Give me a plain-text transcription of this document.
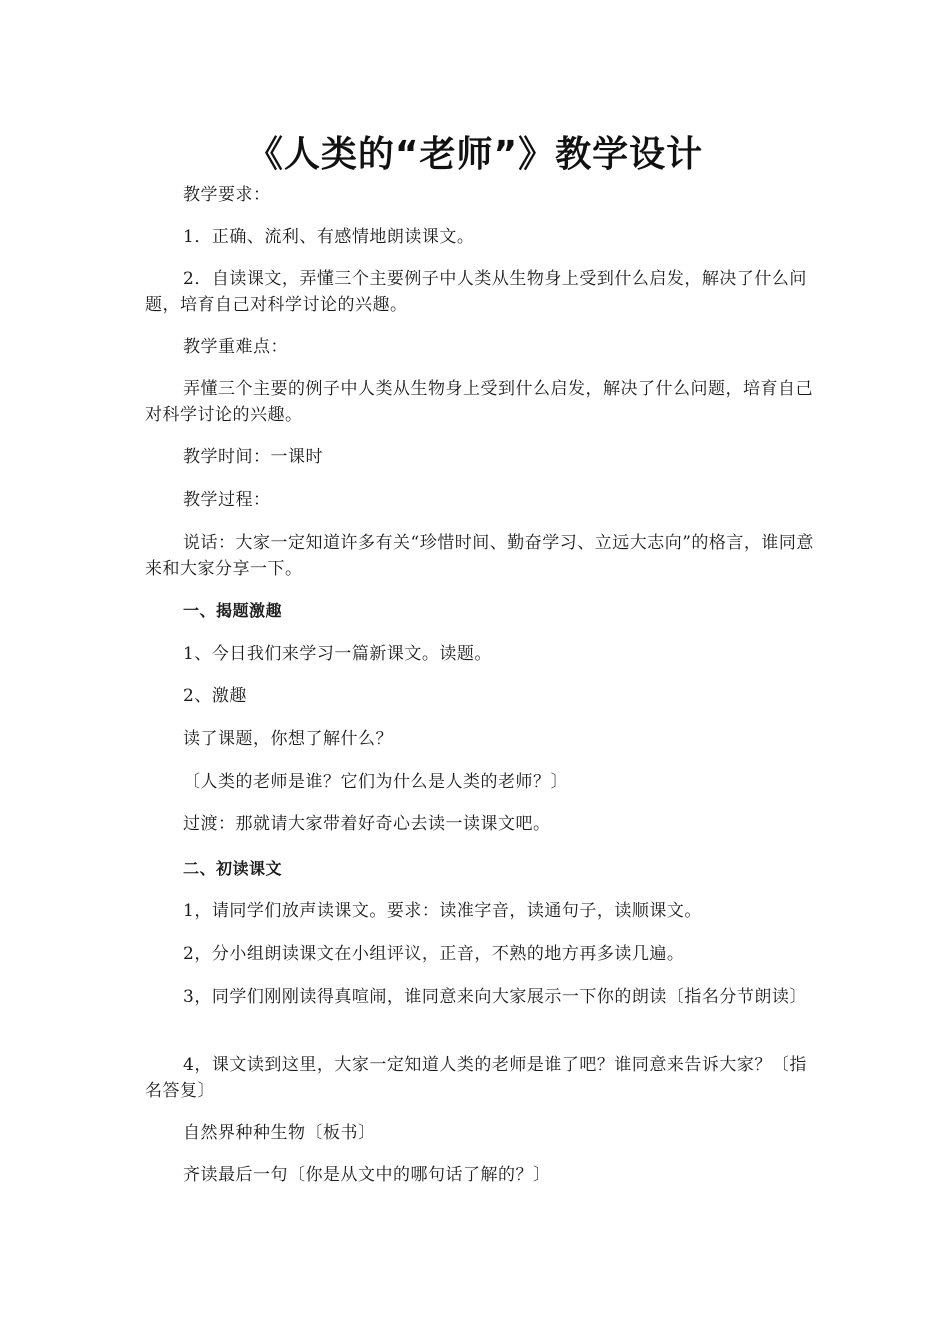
《人类的“老师”》教学设计

教学要求：

1．正确、流利、有感情地朗读课文。

2．自读课文，弄懂三个主要例子中人类从生物身上受到什么启发，解决了什么问题，培育自己对科学讨论的兴趣。

教学重难点：

弄懂三个主要的例子中人类从生物身上受到什么启发，解决了什么问题，培育自己对科学讨论的兴趣。

教学时间：一课时

教学过程：

说话：大家一定知道许多有关“珍惜时间、勤奋学习、立远大志向”的格言，谁同意来和大家分享一下。

一、揭题激趣

1、今日我们来学习一篇新课文。读题。

2、激趣

读了课题，你想了解什么？

〔人类的老师是谁？它们为什么是人类的老师？〕

过渡：那就请大家带着好奇心去读一读课文吧。

二、初读课文

1，请同学们放声读课文。要求：读准字音，读通句子，读顺课文。

2，分小组朗读课文在小组评议，正音，不熟的地方再多读几遍。

3，同学们刚刚读得真喧闹，谁同意来向大家展示一下你的朗读〔指名分节朗读〕

4，课文读到这里，大家一定知道人类的老师是谁了吧？谁同意来告诉大家？〔指名答复〕

自然界种种生物〔板书〕

齐读最后一句〔你是从文中的哪句话了解的？〕
